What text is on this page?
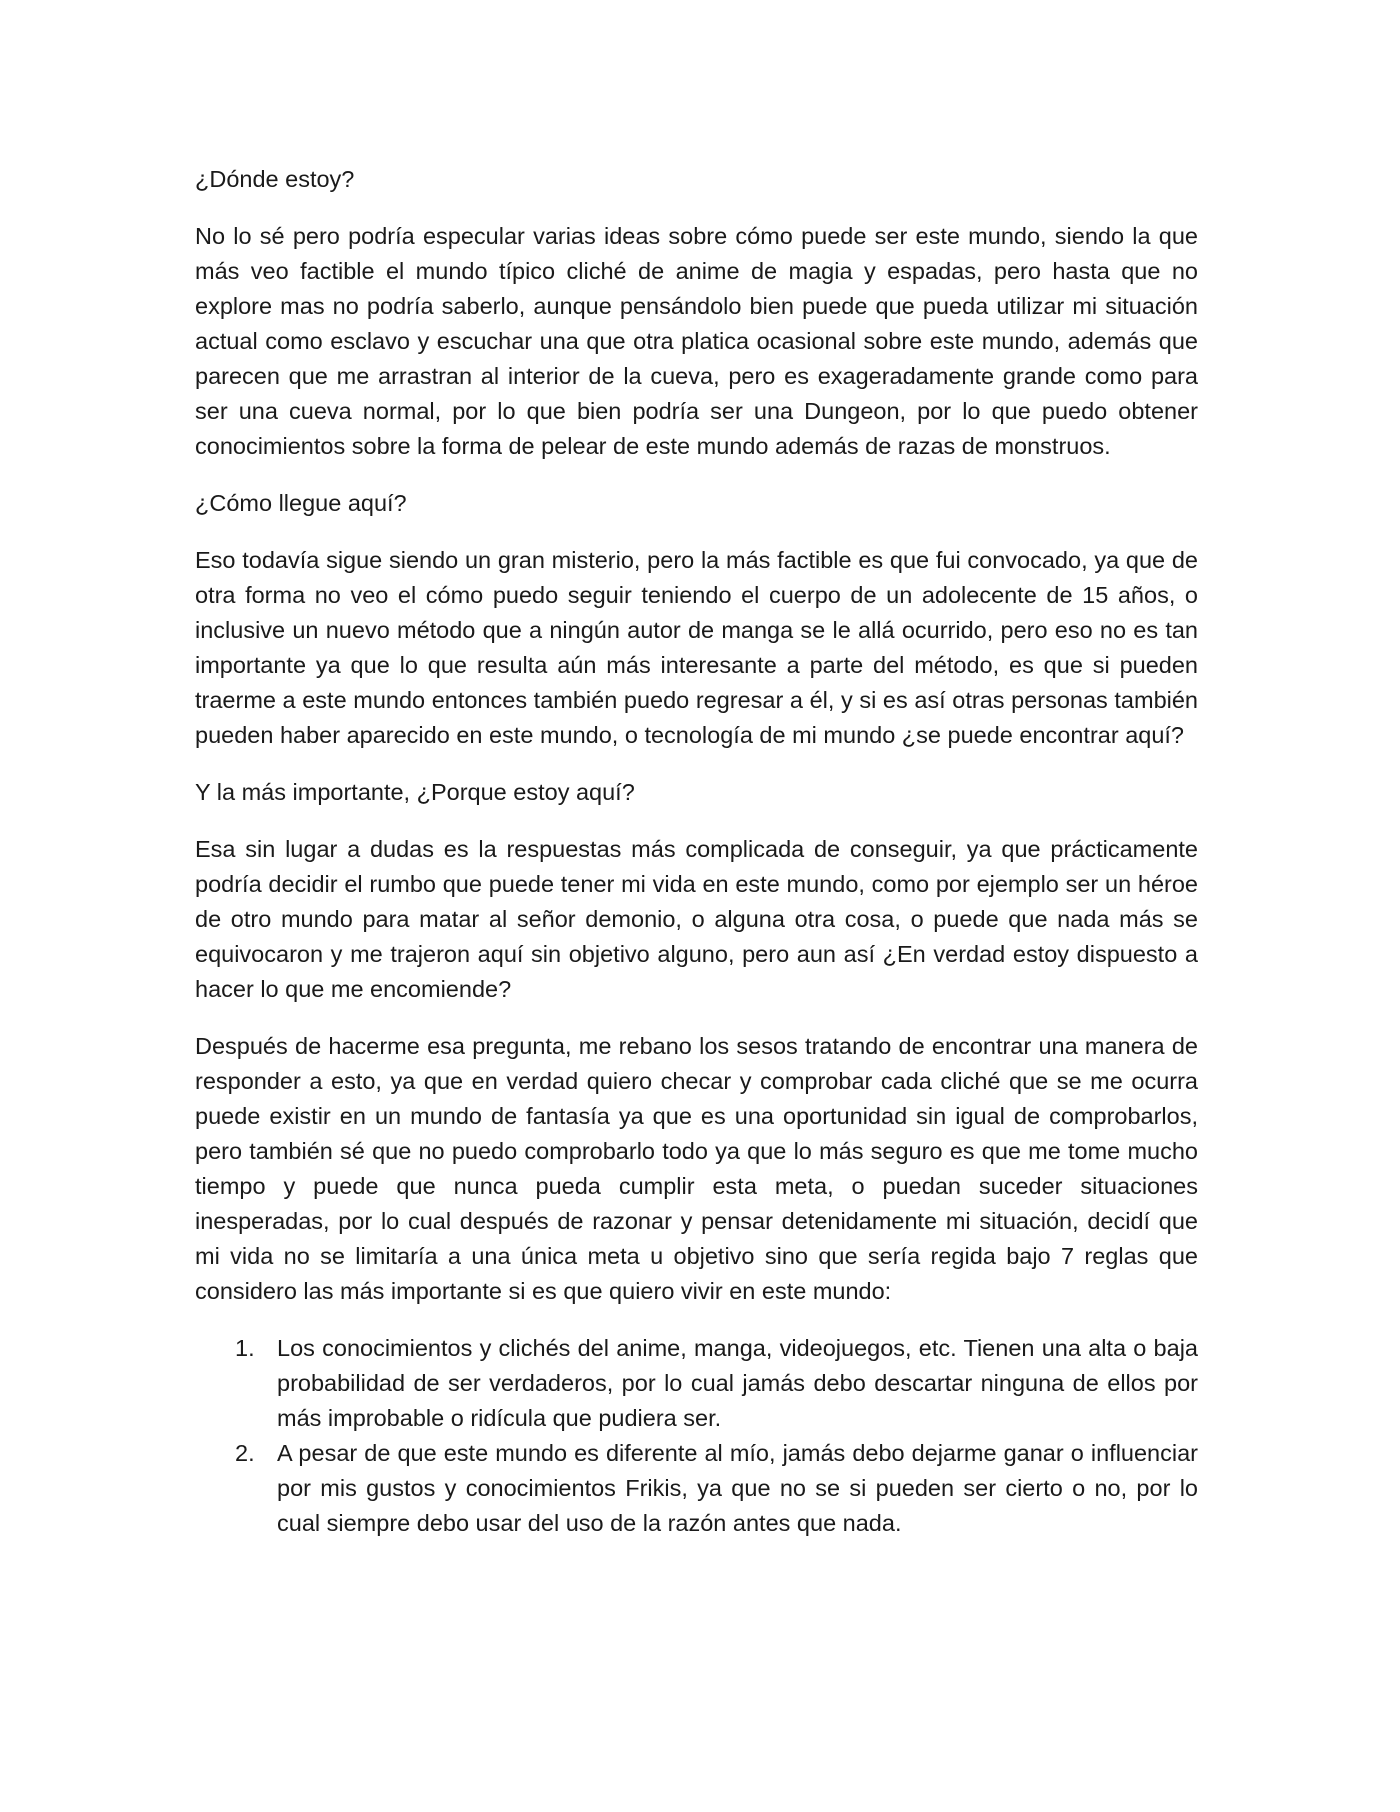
¿Dónde estoy?

No lo sé pero podría especular varias ideas sobre cómo puede ser este mundo, siendo la que más veo factible el mundo típico cliché de anime de magia y espadas, pero hasta que no explore mas no podría saberlo, aunque pensándolo bien puede que pueda utilizar mi situación actual como esclavo y escuchar una que otra platica ocasional sobre este mundo, además que parecen que me arrastran al interior de la cueva, pero es exageradamente grande como para ser una cueva normal, por lo que bien podría ser una Dungeon, por lo que puedo obtener conocimientos sobre la forma de pelear de este mundo además de razas de monstruos.

¿Cómo llegue aquí?

Eso todavía sigue siendo un gran misterio, pero la más factible es que fui convocado, ya que de otra forma no veo el cómo puedo seguir teniendo el cuerpo de un adolecente de 15 años, o inclusive un nuevo método que a ningún autor de manga se le allá ocurrido, pero eso no es tan importante ya que lo que resulta aún más interesante a parte del método, es que si pueden traerme a este mundo entonces también puedo regresar a él, y si es así otras personas también pueden haber aparecido en este mundo, o tecnología de mi mundo ¿se puede encontrar aquí?

Y la más importante, ¿Porque estoy aquí?

Esa sin lugar a dudas es la respuestas más complicada de conseguir, ya que prácticamente podría decidir el rumbo que puede tener mi vida en este mundo, como por ejemplo ser un héroe de otro mundo para matar al señor demonio, o alguna otra cosa, o puede que nada más se equivocaron y me trajeron aquí sin objetivo alguno, pero aun así ¿En verdad estoy dispuesto a hacer lo que me encomiende?

Después de hacerme esa pregunta, me rebano los sesos tratando de encontrar una manera de responder a esto, ya que en verdad quiero checar y comprobar cada cliché que se me ocurra puede existir en un mundo de fantasía ya que es una oportunidad sin igual de comprobarlos, pero también sé que no puedo comprobarlo todo ya que lo más seguro es que me tome mucho tiempo y puede que nunca pueda cumplir esta meta, o puedan suceder situaciones inesperadas, por lo cual después de razonar y pensar detenidamente mi situación, decidí que mi vida no se limitaría a una única meta u objetivo sino que sería regida bajo 7 reglas que considero las más importante si es que quiero vivir en este mundo:

1. Los conocimientos y clichés del anime, manga, videojuegos, etc. Tienen una alta o baja probabilidad de ser verdaderos, por lo cual jamás debo descartar ninguna de ellos por más improbable o ridícula que pudiera ser.
2. A pesar de que este mundo es diferente al mío, jamás debo dejarme ganar o influenciar por mis gustos y conocimientos Frikis, ya que no se si pueden ser cierto o no, por lo cual siempre debo usar del uso de la razón antes que nada.
